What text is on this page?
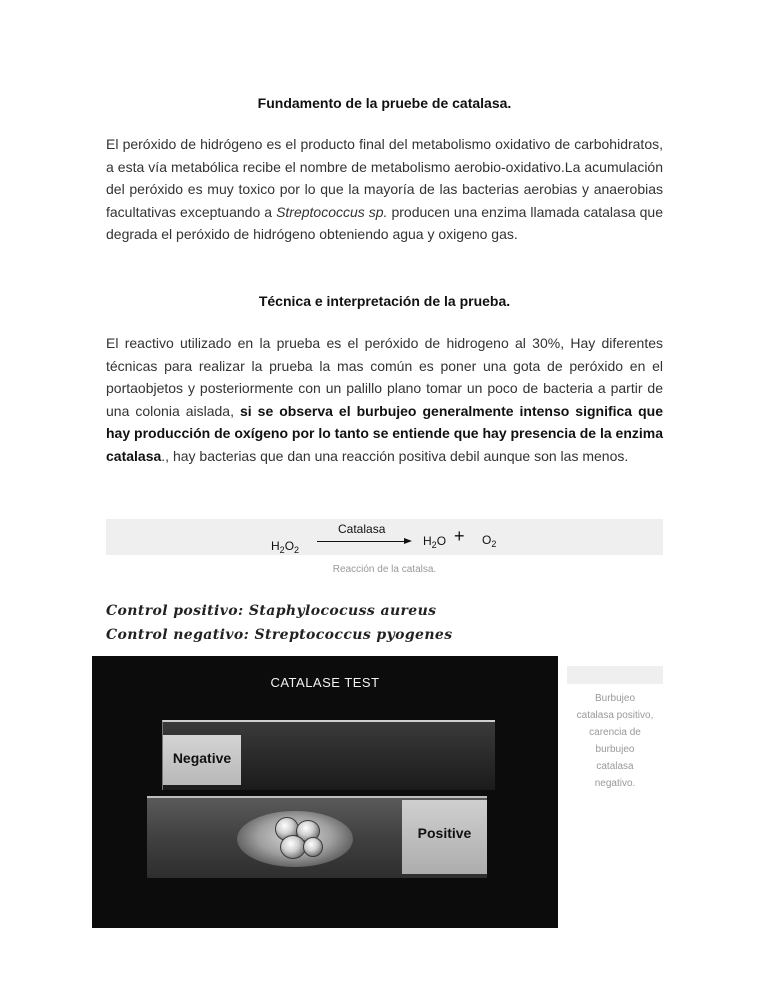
Fundamento de la pruebe de catalasa.

El peróxido de hidrógeno es el producto final del metabolismo oxidativo de carbohidratos, a esta vía metabólica recibe el nombre de metabolismo aerobio-oxidativo.La acumulación del peróxido es muy toxico por lo que la mayoría de las bacterias aerobias y anaerobias facultativas exceptuando a Streptococcus sp. producen una enzima llamada catalasa que degrada el peróxido de hidrógeno obteniendo agua y oxigeno gas.

Técnica e interpretación de la prueba.

El reactivo utilizado en la prueba es el peróxido de hidrogeno al 30%, Hay diferentes técnicas para realizar la prueba la mas común es poner una gota de peróxido en el portaobjetos y posteriormente con un palillo plano tomar un poco de bacteria a partir de una colonia aislada, si se observa el burbujeo generalmente intenso significa que hay producción de oxígeno por lo tanto se entiende que hay presencia de la enzima catalasa., hay bacterias que dan una reacción positiva debil aunque son las menos.

$H_2O_2$
Catalasa
$H_2O + O_2$
Reacción de la catalsa.
Control positivo: Staphylococuss aureus
Control negativo: Streptococcus pyogenes
CATALASE TEST
Negative
Positive
Burbujeo
catalasa positivo,
carencia de
burbujeo
catalasa
negativo.
